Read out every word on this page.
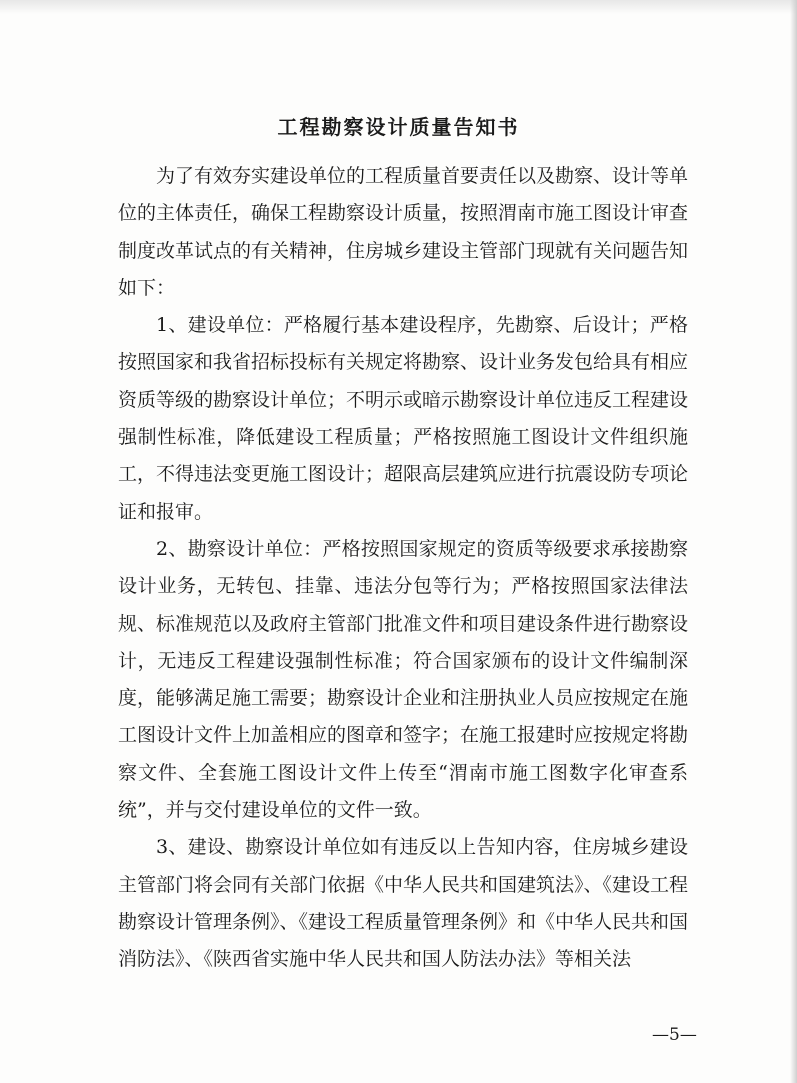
工程勘察设计质量告知书

为了有效夯实建设单位的工程质量首要责任以及勘察、设计等单位的主体责任，确保工程勘察设计质量，按照渭南市施工图设计审查制度改革试点的有关精神，住房城乡建设主管部门现就有关问题告知如下：

1、建设单位：严格履行基本建设程序，先勘察、后设计；严格按照国家和我省招标投标有关规定将勘察、设计业务发包给具有相应资质等级的勘察设计单位；不明示或暗示勘察设计单位违反工程建设强制性标准，降低建设工程质量；严格按照施工图设计文件组织施工，不得违法变更施工图设计；超限高层建筑应进行抗震设防专项论证和报审。

2、勘察设计单位：严格按照国家规定的资质等级要求承接勘察设计业务，无转包、挂靠、违法分包等行为；严格按照国家法律法规、标准规范以及政府主管部门批准文件和项目建设条件进行勘察设计，无违反工程建设强制性标准；符合国家颁布的设计文件编制深度，能够满足施工需要；勘察设计企业和注册执业人员应按规定在施工图设计文件上加盖相应的图章和签字；在施工报建时应按规定将勘察文件、全套施工图设计文件上传至“渭南市施工图数字化审查系统”，并与交付建设单位的文件一致。

3、建设、勘察设计单位如有违反以上告知内容，住房城乡建设主管部门将会同有关部门依据《中华人民共和国建筑法》、《建设工程勘察设计管理条例》、《建设工程质量管理条例》和《中华人民共和国消防法》、《陕西省实施中华人民共和国人防法办法》等相关法

—5—
